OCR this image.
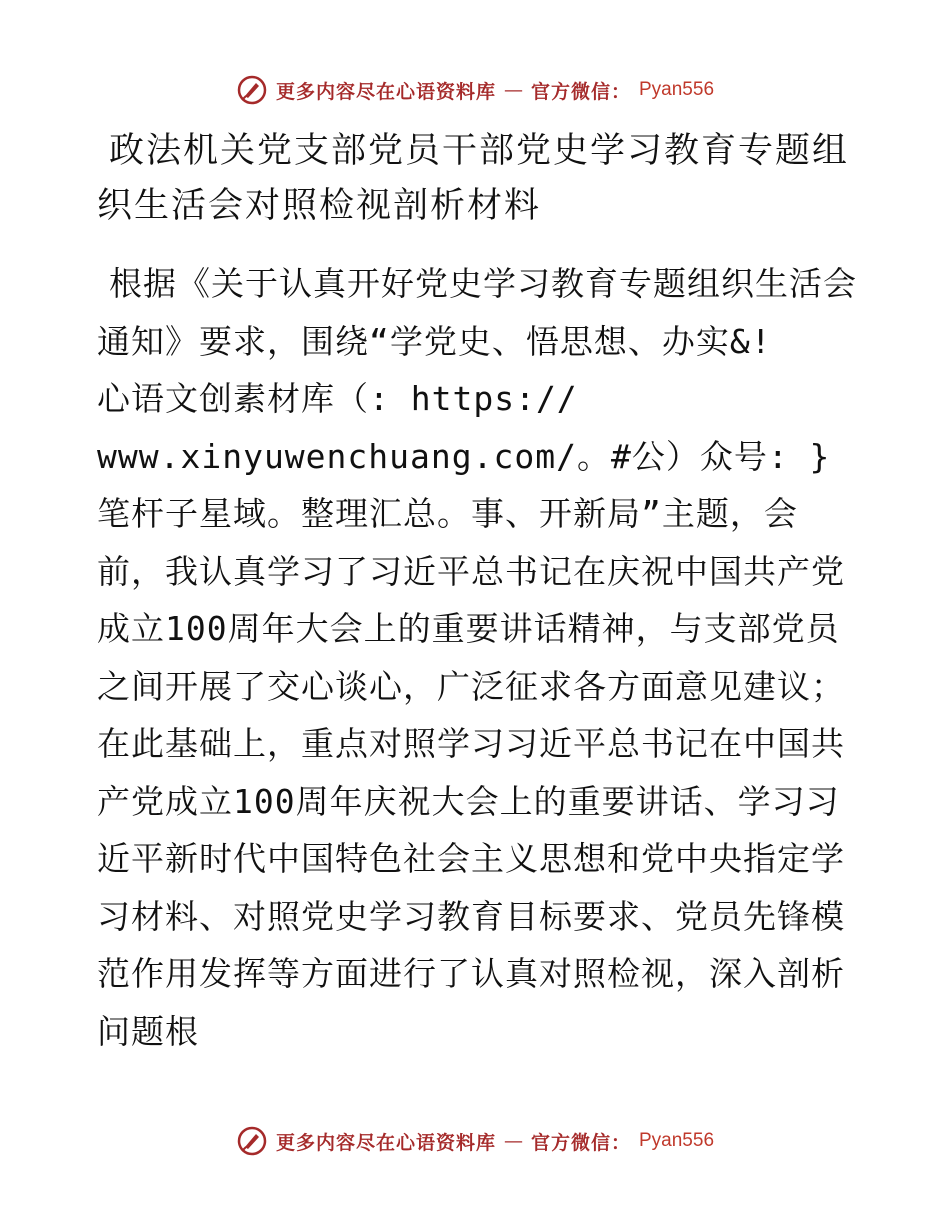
更多内容尽在心语资料库 — 官方微信： Pyan556
政法机关党支部党员干部党史学习教育专题组织生活会对照检视剖析材料

根据《关于认真开好党史学习教育专题组织生活会通知》要求，围绕“学党史、悟思想、办实&!
心语文创素材库（: https://
www.xinyuwenchuang.com/。#公）众号: }笔杆子星域。整理汇总。事、开新局”主题，会前，我认真学习了习近平总书记在庆祝中国共产党成立100周年大会上的重要讲话精神，与支部党员之间开展了交心谈心，广泛征求各方面意见建议；在此基础上，重点对照学习习近平总书记在中国共产党成立100周年庆祝大会上的重要讲话、学习习近平新时代中国特色社会主义思想和党中央指定学习材料、对照党史学习教育目标要求、党员先锋模范作用发挥等方面进行了认真对照检视，深入剖析问题根

更多内容尽在心语资料库 — 官方微信： Pyan556
